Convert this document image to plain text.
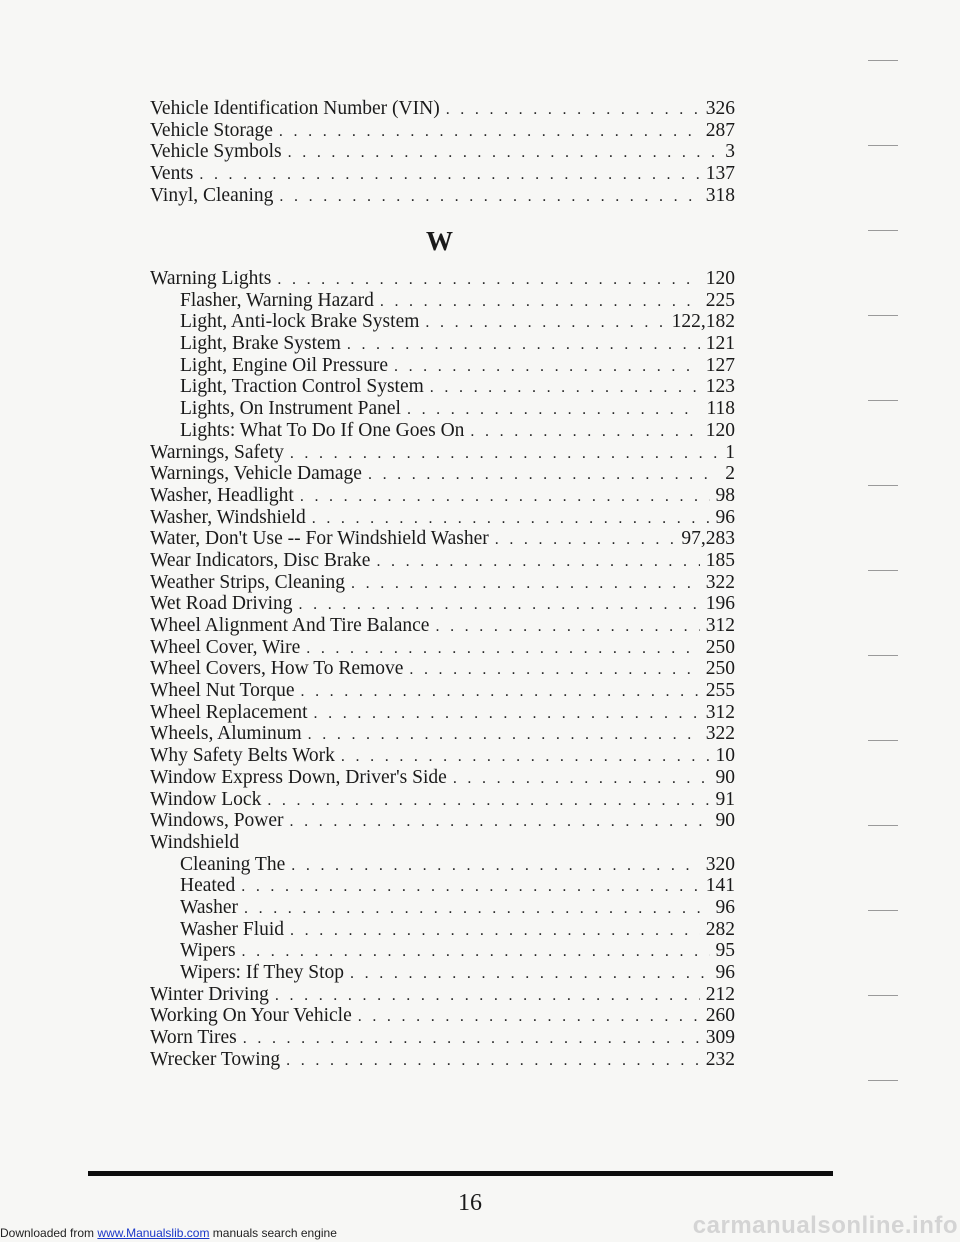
Vehicle Identification Number (VIN) . . .	326
Vehicle Storage . . .	287
Vehicle Symbols . . .	3
Vents . . .	137
Vinyl, Cleaning . . .	318
W
Warning Lights . . .	120
Flasher, Warning Hazard . . .	225
Light, Anti-lock Brake System . . .	122,182
Light, Brake System . . .	121
Light, Engine Oil Pressure . . .	127
Light, Traction Control System . . .	123
Lights, On Instrument Panel . . .	118
Lights: What To Do If One Goes On . . .	120
Warnings, Safety . . .	1
Warnings, Vehicle Damage . . .	2
Washer, Headlight . . .	98
Washer, Windshield . . .	96
Water, Don't Use -- For Windshield Washer . . .	97,283
Wear Indicators, Disc Brake . . .	185
Weather Strips, Cleaning . . .	322
Wet Road Driving . . .	196
Wheel Alignment And Tire Balance . . .	312
Wheel Cover, Wire . . .	250
Wheel Covers, How To Remove . . .	250
Wheel Nut Torque . . .	255
Wheel Replacement . . .	312
Wheels, Aluminum . . .	322
Why Safety Belts Work . . .	10
Window Express Down, Driver's Side . . .	90
Window Lock . . .	91
Windows, Power . . .	90
Windshield
Cleaning The . . .	320
Heated . . .	141
Washer . . .	96
Washer Fluid . . .	282
Wipers . . .	95
Wipers: If They Stop . . .	96
Winter Driving . . .	212
Working On Your Vehicle . . .	260
Worn Tires . . .	309
Wrecker Towing . . .	232
16
Downloaded from www.Manualslib.com manuals search engine	carmanualsonline.info
